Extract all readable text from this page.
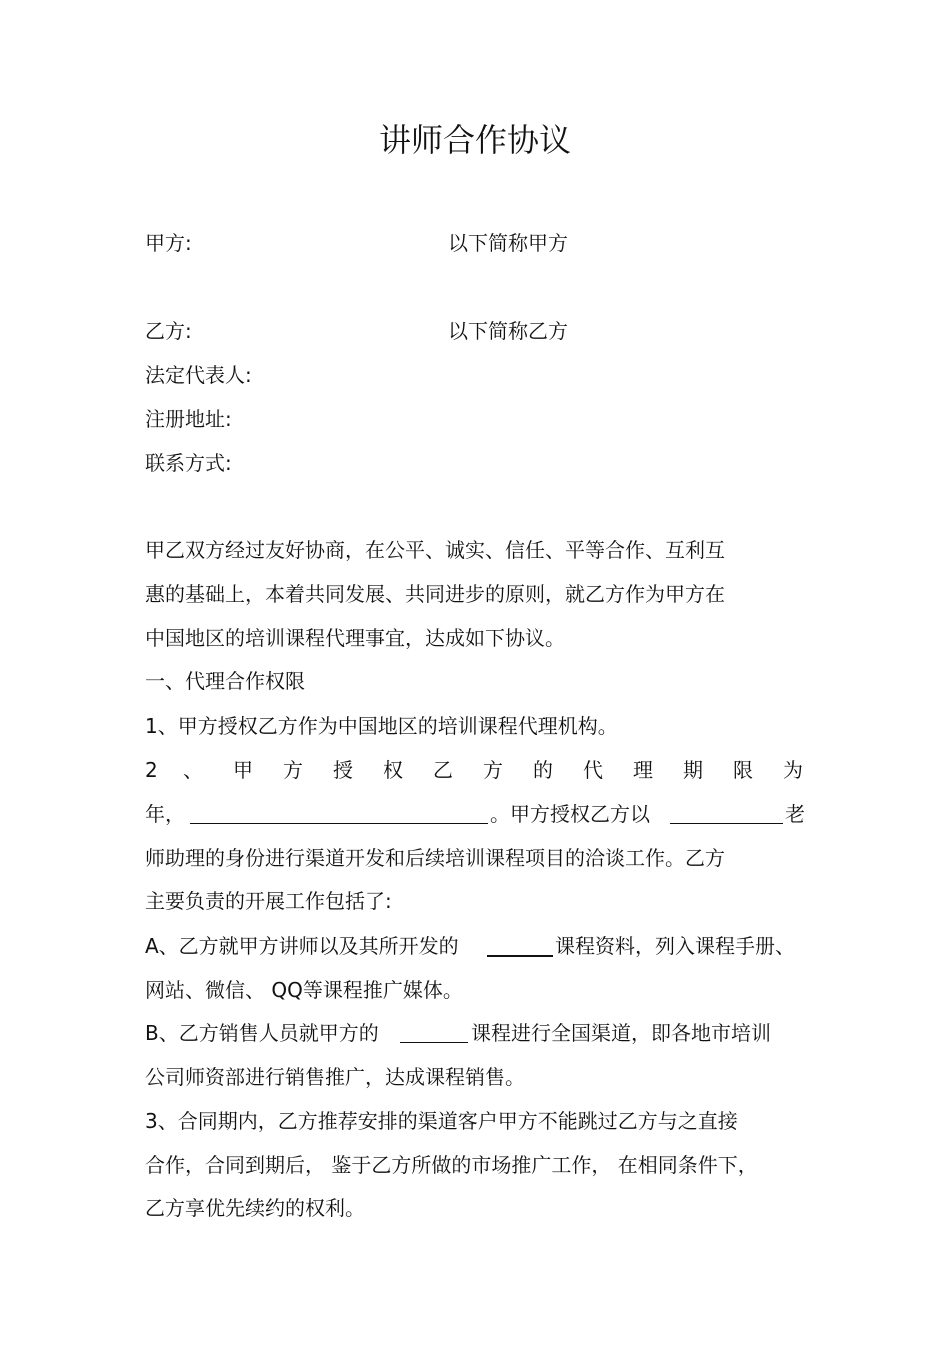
讲师合作协议
甲方:	以下简称甲方
乙方:	以下简称乙方
法定代表人:
注册地址:
联系方式:
甲乙双方经过友好协商，在公平、诚实、信任、平等合作、互利互
惠的基础上，本着共同发展、共同进步的原则，就乙方作为甲方在
中国地区的培训课程代理事宜，达成如下协议。
一、代理合作权限
1、甲方授权乙方作为中国地区的培训课程代理机构。
2 、 甲 方 授 权 乙 方 的 代 理 期 限 为
年，	。甲方授权乙方以	老
师助理的身份进行渠道开发和后续培训课程项目的洽谈工作。乙方
主要负责的开展工作包括了:
A、乙方就甲方讲师以及其所开发的	课程资料，列入课程手册、
网站、微信、 QQ等课程推广媒体。
B、乙方销售人员就甲方的	课程进行全国渠道，即各地市培训
公司师资部进行销售推广，达成课程销售。
3、合同期内，乙方推荐安排的渠道客户甲方不能跳过乙方与之直接
合作，合同到期后， 鉴于乙方所做的市场推广工作， 在相同条件下，
乙方享优先续约的权利。
